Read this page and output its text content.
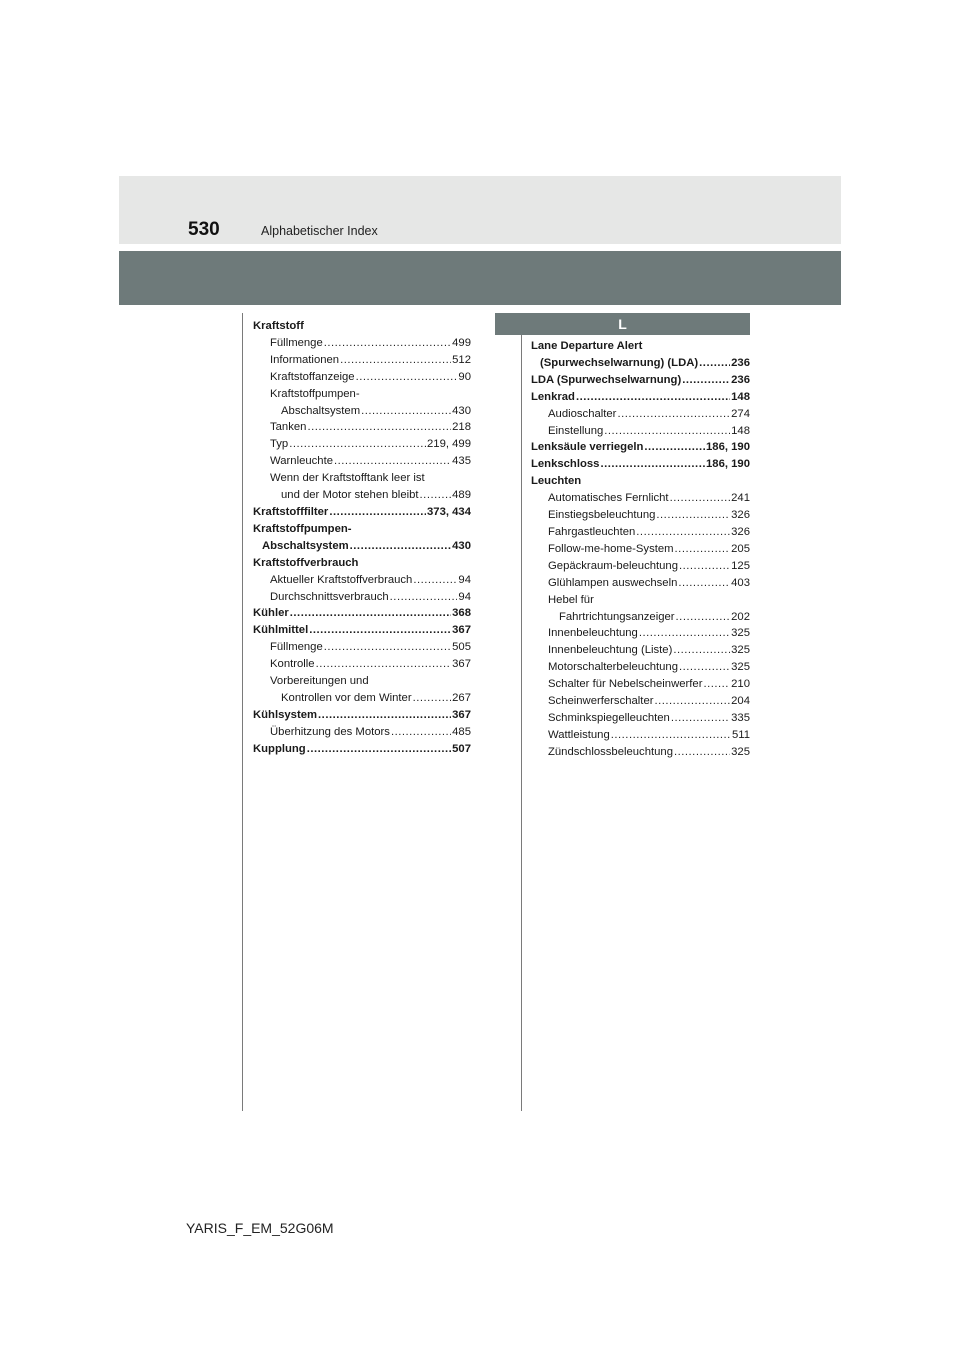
530	Alphabetischer Index
Kraftstoff
Füllmenge .....	499
Informationen .....	512
Kraftstoffanzeige .....	90
Kraftstoffpumpen-
Abschaltsystem .....	430
Tanken .....	218
Typ .....	219, 499
Warnleuchte .....	435
Wenn der Kraftstofftank leer ist
und der Motor stehen bleibt .....	489
Kraftstofffilter .....	373, 434
Kraftstoffpumpen-
Abschaltsystem .....	430
Kraftstoffverbrauch
Aktueller Kraftstoffverbrauch .....	94
Durchschnittsverbrauch .....	94
Kühler .....	368
Kühlmittel .....	367
Füllmenge .....	505
Kontrolle .....	367
Vorbereitungen und
Kontrollen vor dem Winter .....	267
Kühlsystem .....	367
Überhitzung des Motors .....	485
Kupplung .....	507
L
Lane Departure Alert
(Spurwechselwarnung) (LDA) .....	236
LDA (Spurwechselwarnung) .....	236
Lenkrad .....	148
Audioschalter .....	274
Einstellung .....	148
Lenksäule verriegeln .....	186, 190
Lenkschloss .....	186, 190
Leuchten
Automatisches Fernlicht .....	241
Einstiegsbeleuchtung .....	326
Fahrgastleuchten .....	326
Follow-me-home-System .....	205
Gepäckraum-beleuchtung .....	125
Glühlampen auswechseln .....	403
Hebel für
Fahrtrichtungsanzeiger .....	202
Innenbeleuchtung .....	325
Innenbeleuchtung (Liste) .....	325
Motorschalterbeleuchtung .....	325
Schalter für Nebelscheinwerfer .....	210
Scheinwerferschalter .....	204
Schminkspiegelleuchten .....	335
Wattleistung .....	511
Zündschlossbeleuchtung .....	325
YARIS_F_EM_52G06M
